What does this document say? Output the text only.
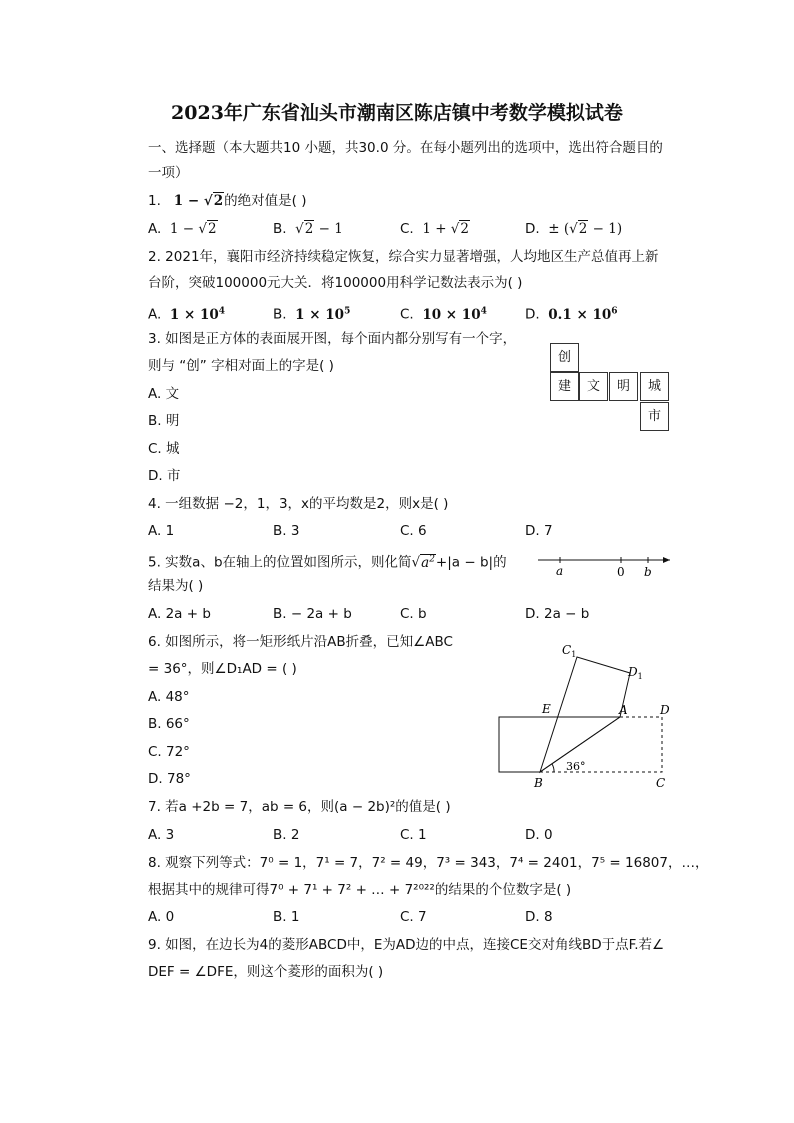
2023年广东省汕头市潮南区陈店镇中考数学模拟试卷
一、选择题（本大题共10 小题，共30.0 分。在每小题列出的选项中，选出符合题目的
一项）
1. 1 − √2的绝对值是( )
A. 1 − √2	B. √2 − 1	C. 1 + √2	D. ± (√2 − 1)
2. 2021年，襄阳市经济持续稳定恢复，综合实力显著增强，人均地区生产总值再上新
台阶，突破100000元大关．将100000用科学记数法表示为( )
A. $1 \times 10^4$	B. $1 \times 10^5$	C. $10 \times 10^4$	D. $0.1 \times 10^6$
3. 如图是正方体的表面展开图，每个面内都分别写有一个字，
则与 “创” 字相对面上的字是( )
A. 文
B. 明
C. 城
D. 市
创
建	文	明	城
市
4. 一组数据 −2，1，3，x的平均数是2，则x是( )
A. 1	B. 3	C. 6	D. 7
5. 实数a、b在轴上的位置如图所示，则化简$√a^2+|a - b|$的
结果为( )
A. 2a + b	B. − 2a + b	C. b	D. 2a − b
a	0 b
6. 如图所示，将一矩形纸片沿AB折叠，已知∠ABC
= 36°，则∠D₁AD = ( )
A. 48°
B. 66°
C. 72°
D. 78°
$C_1$
$D_1$
E	A	D
B	C
36°
7. 若a +2b = 7，ab = 6，则(a − 2b)²的值是( )
A. 3	B. 2	C. 1	D. 0
8. 观察下列等式：7⁰ = 1，7¹ = 7，7² = 49，7³ = 343，7⁴ = 2401，7⁵ = 16807，…，
根据其中的规律可得7⁰ + 7¹ + 7² + … + 7²⁰²²的结果的个位数字是( )
A. 0	B. 1	C. 7	D. 8
9. 如图，在边长为4的菱形ABCD中，E为AD边的中点，连接CE交对角线BD于点F.若∠
DEF = ∠DFE，则这个菱形的面积为( )
